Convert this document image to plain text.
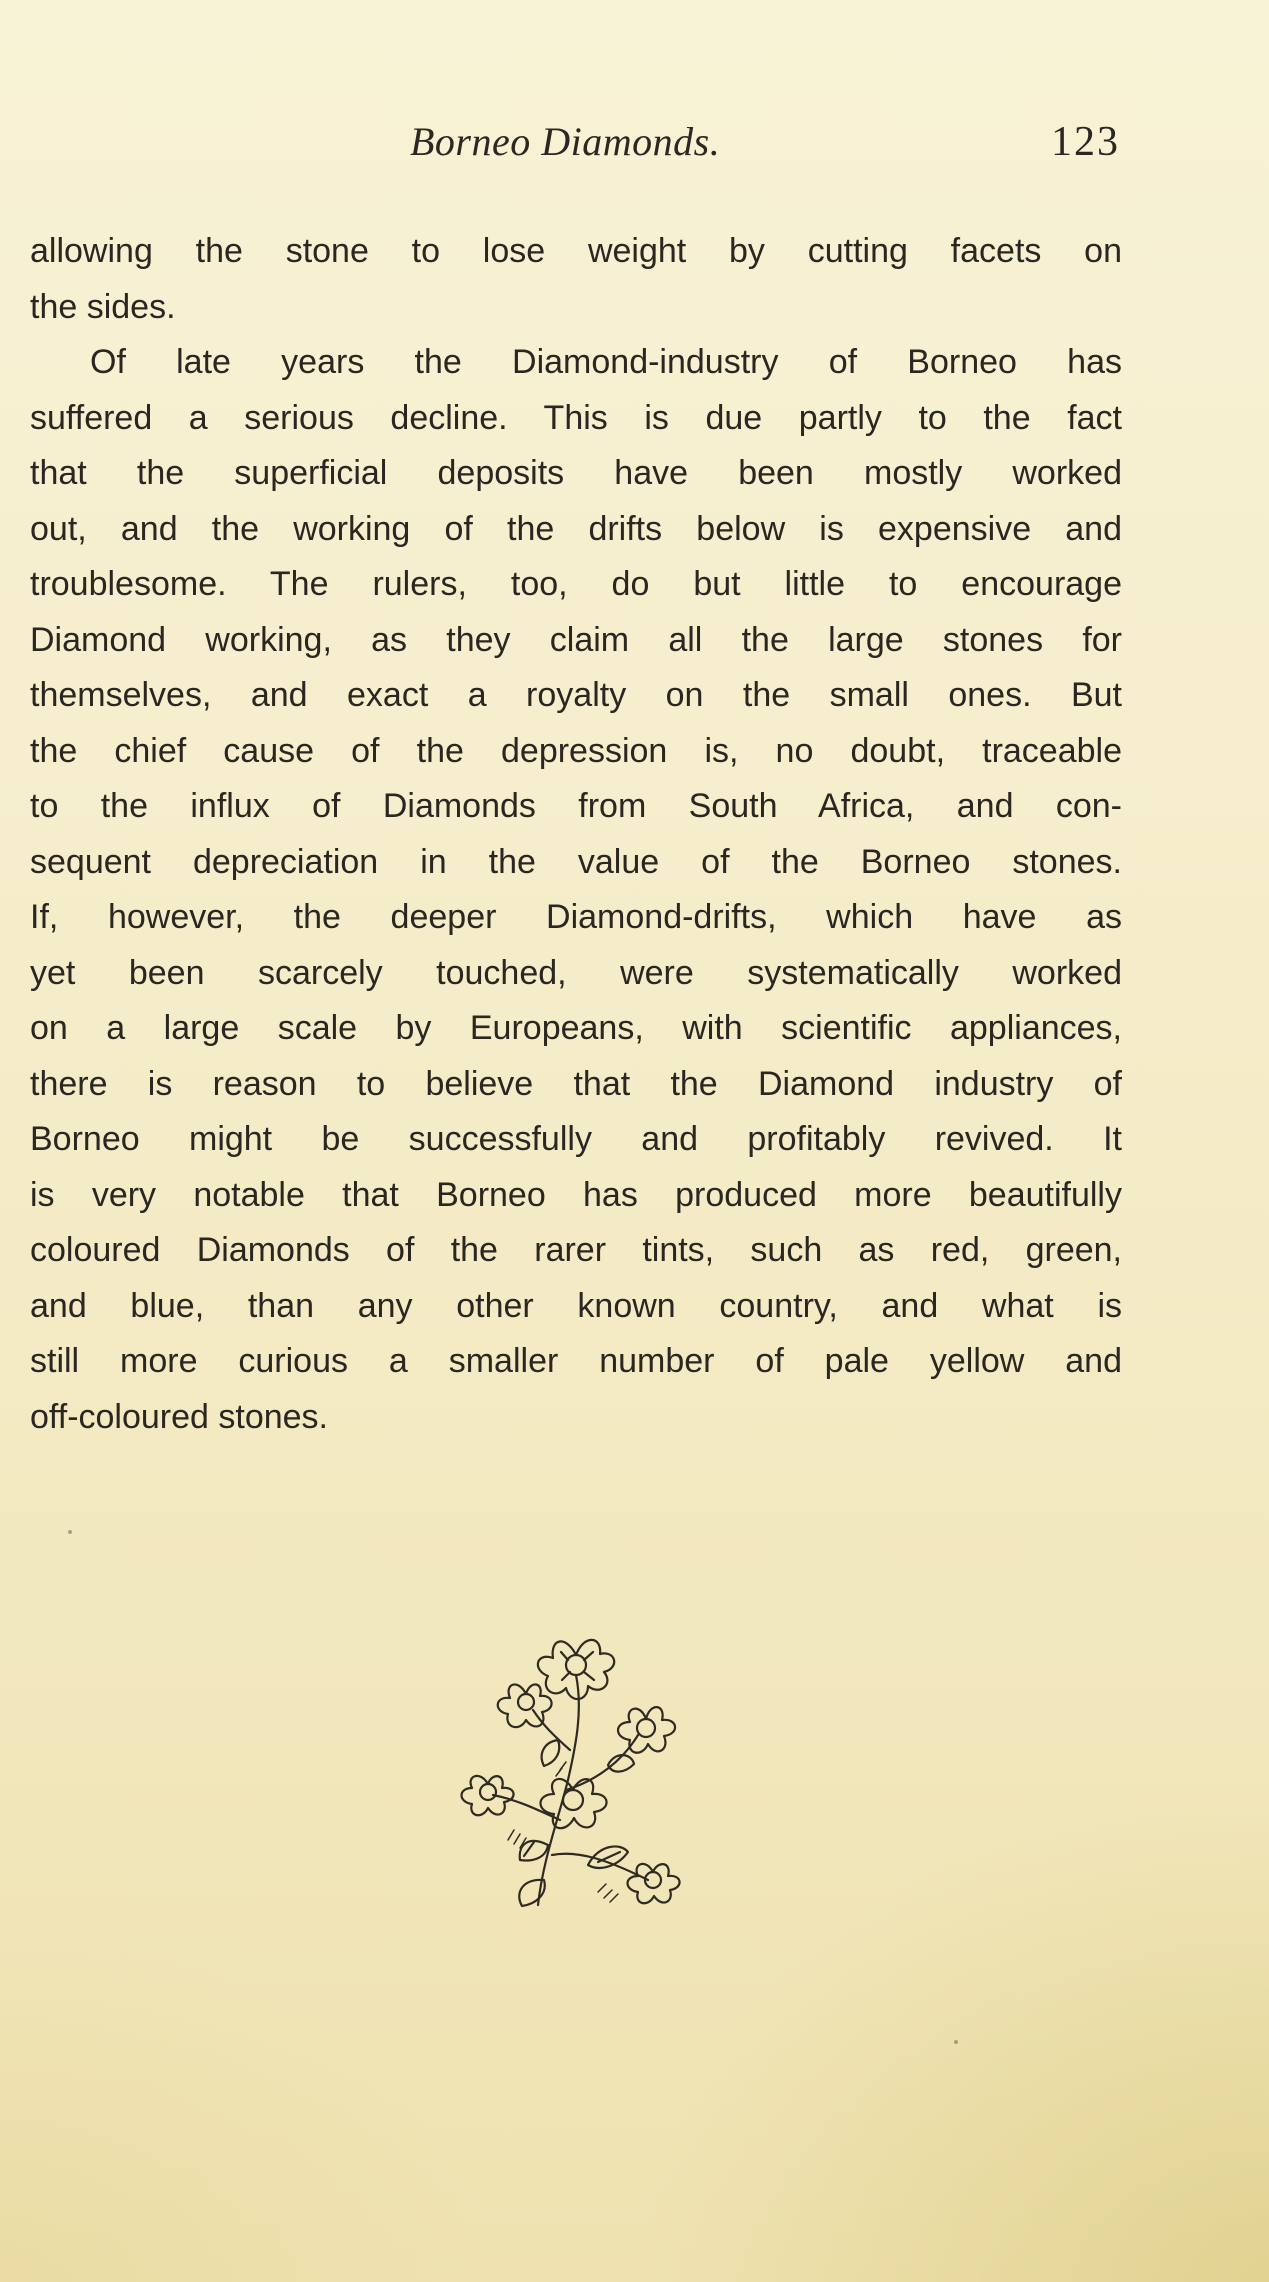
Borneo Diamonds.	123
allowing the stone to lose weight by cutting facets on
the sides.
Of late years the Diamond-industry of Borneo has
suffered a serious decline. This is due partly to the fact
that the superficial deposits have been mostly worked
out, and the working of the drifts below is expensive and
troublesome. The rulers, too, do but little to encourage
Diamond working, as they claim all the large stones for
themselves, and exact a royalty on the small ones. But
the chief cause of the depression is, no doubt, traceable
to the influx of Diamonds from South Africa, and con-
sequent depreciation in the value of the Borneo stones.
If, however, the deeper Diamond-drifts, which have as
yet been scarcely touched, were systematically worked
on a large scale by Europeans, with scientific appliances,
there is reason to believe that the Diamond industry of
Borneo might be successfully and profitably revived. It
is very notable that Borneo has produced more beautifully
coloured Diamonds of the rarer tints, such as red, green,
and blue, than any other known country, and what is
still more curious a smaller number of pale yellow and
off-coloured stones.
